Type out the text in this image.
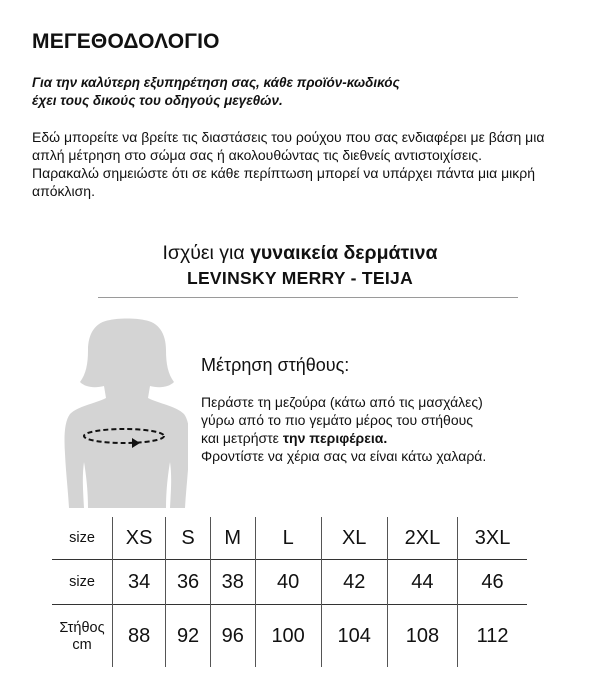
ΜΕΓΕΘΟΔΟΛΟΓΙΟ
Για την καλύτερη εξυπηρέτηση σας, κάθε προϊόν-κωδικός
έχει τους δικούς του οδηγούς μεγεθών.

Εδώ μπορείτε να βρείτε τις διαστάσεις του ρούχου που σας ενδιαφέρει με βάση μια απλή μέτρηση στο σώμα σας ή ακολουθώντας τις διεθνείς αντιστοιχίσεις.

Παρακαλώ σημειώστε ότι σε κάθε περίπτωση μπορεί να υπάρχει πάντα μια μικρή απόκλιση.

Ισχύει για γυναικεία δερμάτινα
LEVINSKY MERRY - TEIJA
Μέτρηση στήθους:
Περάστε τη μεζούρα (κάτω από τις μασχάλες)
γύρω από το πιο γεμάτο μέρος του στήθους
και μετρήστε την περιφέρεια.
Φροντίστε να χέρια σας να είναι κάτω χαλαρά.
size	XS	S	M	L	XL	2XL	3XL
size	34	36	38	40	42	44	46

Στήθος
cm	88	92	96	100	104	108	112
